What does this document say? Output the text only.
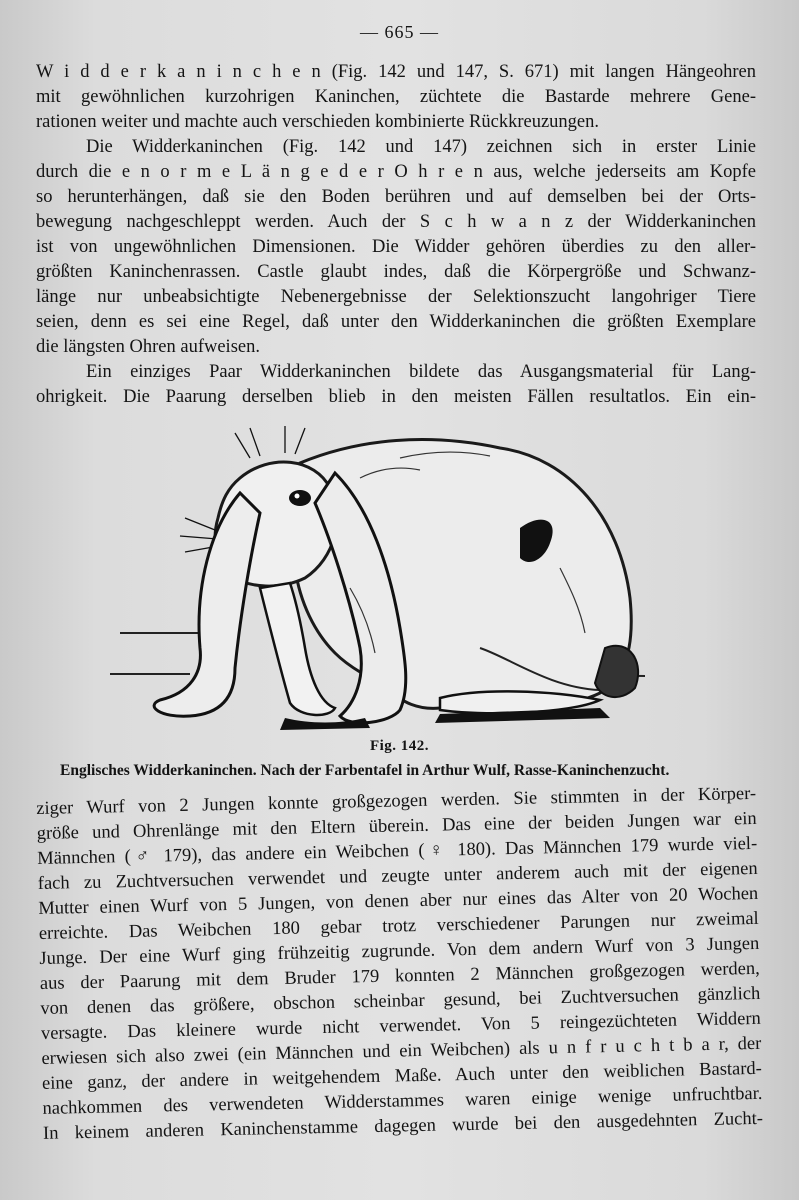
— 665 —
W i d d e r k a n i n c h e n (Fig. 142 und 147, S. 671) mit langen Hängeohren
mit gewöhnlichen kurzohrigen Kaninchen, züchtete die Bastarde mehrere Gene-
rationen weiter und machte auch verschieden kombinierte Rückkreuzungen.
Die Widderkaninchen (Fig. 142 und 147) zeichnen sich in erster Linie
durch die e n o r m e L ä n g e d e r O h r e n aus, welche jederseits am Kopfe
so herunterhängen, daß sie den Boden berühren und auf demselben bei der Orts-
bewegung nachgeschleppt werden. Auch der S c h w a n z der Widderkaninchen
ist von ungewöhnlichen Dimensionen. Die Widder gehören überdies zu den aller-
größten Kaninchenrassen. Castle glaubt indes, daß die Körpergröße und Schwanz-
länge nur unbeabsichtigte Nebenergebnisse der Selektionszucht langohriger Tiere
seien, denn es sei eine Regel, daß unter den Widderkaninchen die größten Exemplare
die längsten Ohren aufweisen.
Ein einziges Paar Widderkaninchen bildete das Ausgangsmaterial für Lang-
ohrigkeit. Die Paarung derselben blieb in den meisten Fällen resultatlos. Ein ein-
Fig. 142.
Englisches Widderkaninchen. Nach der Farbentafel in Arthur Wulf, Rasse-Kaninchenzucht.
ziger Wurf von 2 Jungen konnte großgezogen werden. Sie stimmten in der Körper-
größe und Ohrenlänge mit den Eltern überein. Das eine der beiden Jungen war ein
Männchen (♂ 179), das andere ein Weibchen (♀ 180). Das Männchen 179 wurde viel-
fach zu Zuchtversuchen verwendet und zeugte unter anderem auch mit der eigenen
Mutter einen Wurf von 5 Jungen, von denen aber nur eines das Alter von 20 Wochen
erreichte. Das Weibchen 180 gebar trotz verschiedener Parungen nur zweimal
Junge. Der eine Wurf ging frühzeitig zugrunde. Von dem andern Wurf von 3 Jungen
aus der Paarung mit dem Bruder 179 konnten 2 Männchen großgezogen werden,
von denen das größere, obschon scheinbar gesund, bei Zuchtversuchen gänzlich
versagte. Das kleinere wurde nicht verwendet. Von 5 reingezüchteten Widdern
erwiesen sich also zwei (ein Männchen und ein Weibchen) als u n f r u c h t b a r, der
eine ganz, der andere in weitgehendem Maße. Auch unter den weiblichen Bastard-
nachkommen des verwendeten Widderstammes waren einige wenige unfruchtbar.
In keinem anderen Kaninchenstamme dagegen wurde bei den ausgedehnten Zucht-
